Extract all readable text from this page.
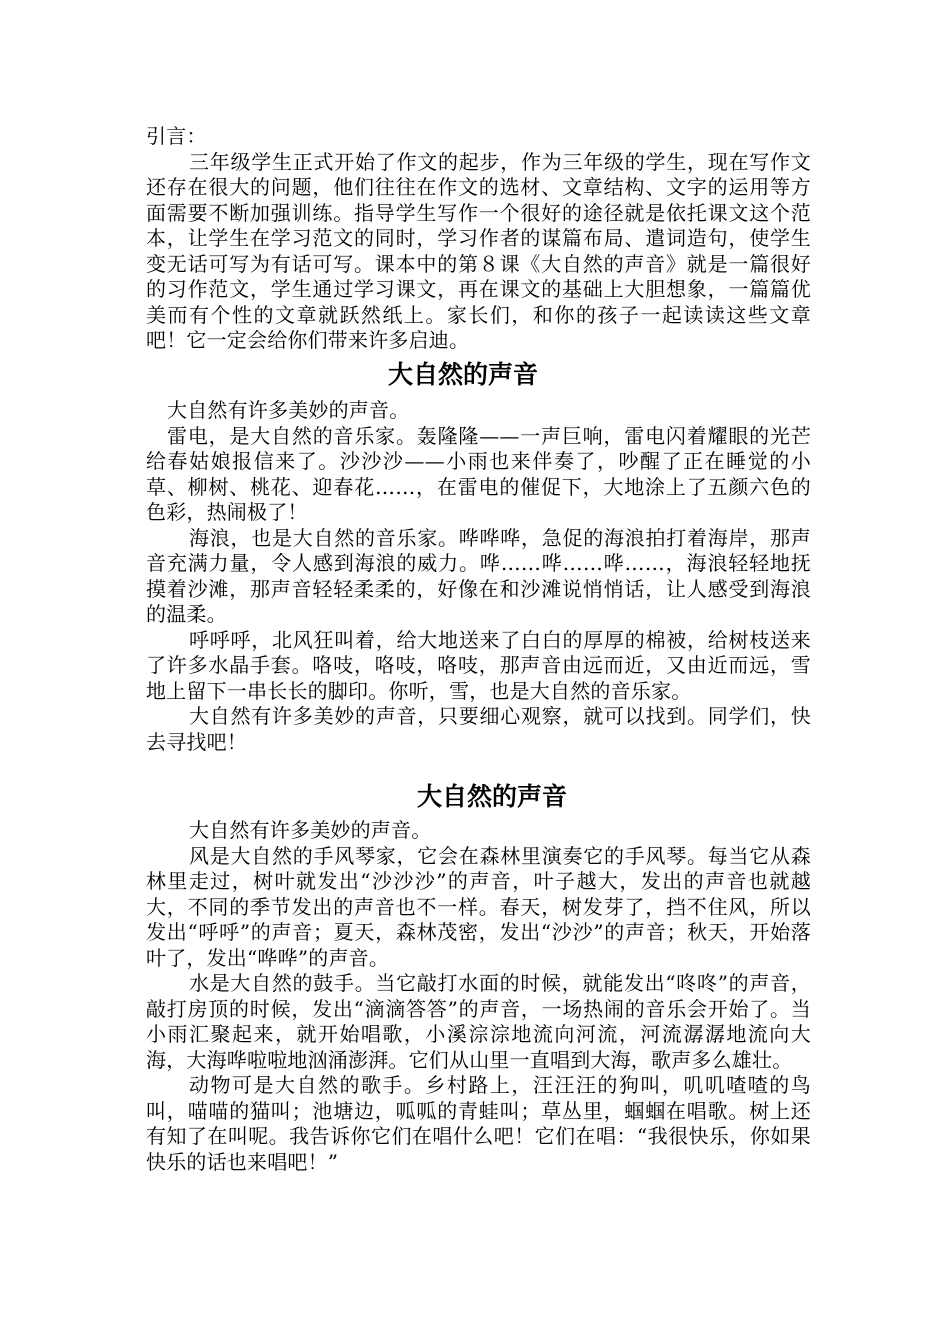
引言：

三年级学生正式开始了作文的起步，作为三年级的学生，现在写作文还存在很大的问题，他们往往在作文的选材、文章结构、文字的运用等方面需要不断加强训练。指导学生写作一个很好的途径就是依托课文这个范本，让学生在学习范文的同时，学习作者的谋篇布局、遣词造句，使学生变无话可写为有话可写。课本中的第８课《大自然的声音》就是一篇很好的习作范文，学生通过学习课文，再在课文的基础上大胆想象，一篇篇优美而有个性的文章就跃然纸上。家长们，和你的孩子一起读读这些文章吧！它一定会给你们带来许多启迪。

大自然的声音

大自然有许多美妙的声音。

雷电，是大自然的音乐家。轰隆隆——一声巨响，雷电闪着耀眼的光芒给春姑娘报信来了。沙沙沙——小雨也来伴奏了，吵醒了正在睡觉的小草、柳树、桃花、迎春花……，在雷电的催促下，大地涂上了五颜六色的色彩，热闹极了！

海浪，也是大自然的音乐家。哗哗哗，急促的海浪拍打着海岸，那声音充满力量，令人感到海浪的威力。哗……哗……哗……，海浪轻轻地抚摸着沙滩，那声音轻轻柔柔的，好像在和沙滩说悄悄话，让人感受到海浪的温柔。

呼呼呼，北风狂叫着，给大地送来了白白的厚厚的棉被，给树枝送来了许多水晶手套。咯吱，咯吱，咯吱，那声音由远而近，又由近而远，雪地上留下一串长长的脚印。你听，雪，也是大自然的音乐家。

大自然有许多美妙的声音，只要细心观察，就可以找到。同学们，快去寻找吧！

大自然的声音

大自然有许多美妙的声音。

风是大自然的手风琴家，它会在森林里演奏它的手风琴。每当它从森林里走过，树叶就发出“沙沙沙”的声音，叶子越大，发出的声音也就越大，不同的季节发出的声音也不一样。春天，树发芽了，挡不住风，所以发出“呼呼”的声音；夏天，森林茂密，发出“沙沙”的声音；秋天，开始落叶了，发出“哗哗”的声音。

水是大自然的鼓手。当它敲打水面的时候，就能发出“咚咚”的声音，敲打房顶的时候，发出“滴滴答答”的声音，一场热闹的音乐会开始了。当小雨汇聚起来，就开始唱歌，小溪淙淙地流向河流，河流潺潺地流向大海，大海哗啦啦地汹涌澎湃。它们从山里一直唱到大海，歌声多么雄壮。

动物可是大自然的歌手。乡村路上，汪汪汪的狗叫，叽叽喳喳的鸟叫，喵喵的猫叫；池塘边，呱呱的青蛙叫；草丛里，蝈蝈在唱歌。树上还有知了在叫呢。我告诉你它们在唱什么吧！它们在唱：“我很快乐，你如果快乐的话也来唱吧！”
